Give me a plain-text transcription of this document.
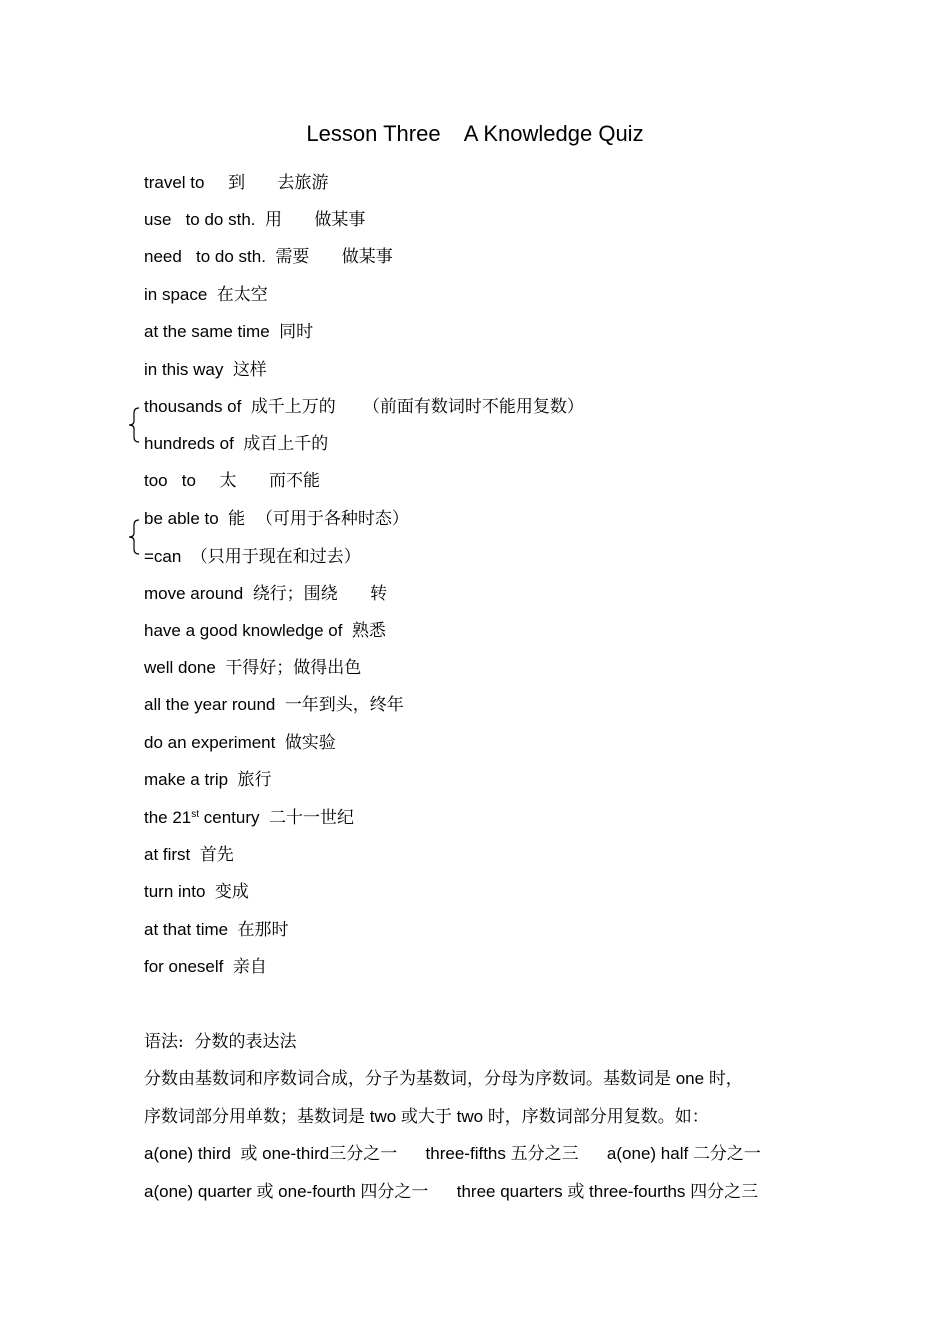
Lesson Three    A Knowledge Quiz
travel to     到      去旅游
use   to do sth.  用      做某事
need   to do sth.  需要      做某事
in space  在太空
at the same time  同时
in this way  这样
thousands of  成千上万的     （前面有数词时不能用复数）
hundreds of  成百上千的
too   to     太      而不能
be able to  能  （可用于各种时态）
=can  （只用于现在和过去）
move around  绕行；围绕      转
have a good knowledge of  熟悉
well done  干得好；做得出色
all the year round  一年到头，终年
do an experiment  做实验
make a trip  旅行
the 21st century  二十一世纪
at first  首先
turn into  变成
at that time  在那时
for oneself  亲自
语法:  分数的表达法
分数由基数词和序数词合成，分子为基数词，分母为序数词。基数词是 one 时，
序数词部分用单数；基数词是 two 或大于 two 时，序数词部分用复数。如：
a(one) third  或 one-third三分之一      three-fifths 五分之三      a(one) half 二分之一
a(one) quarter 或 one-fourth 四分之一      three quarters 或 three-fourths 四分之三
